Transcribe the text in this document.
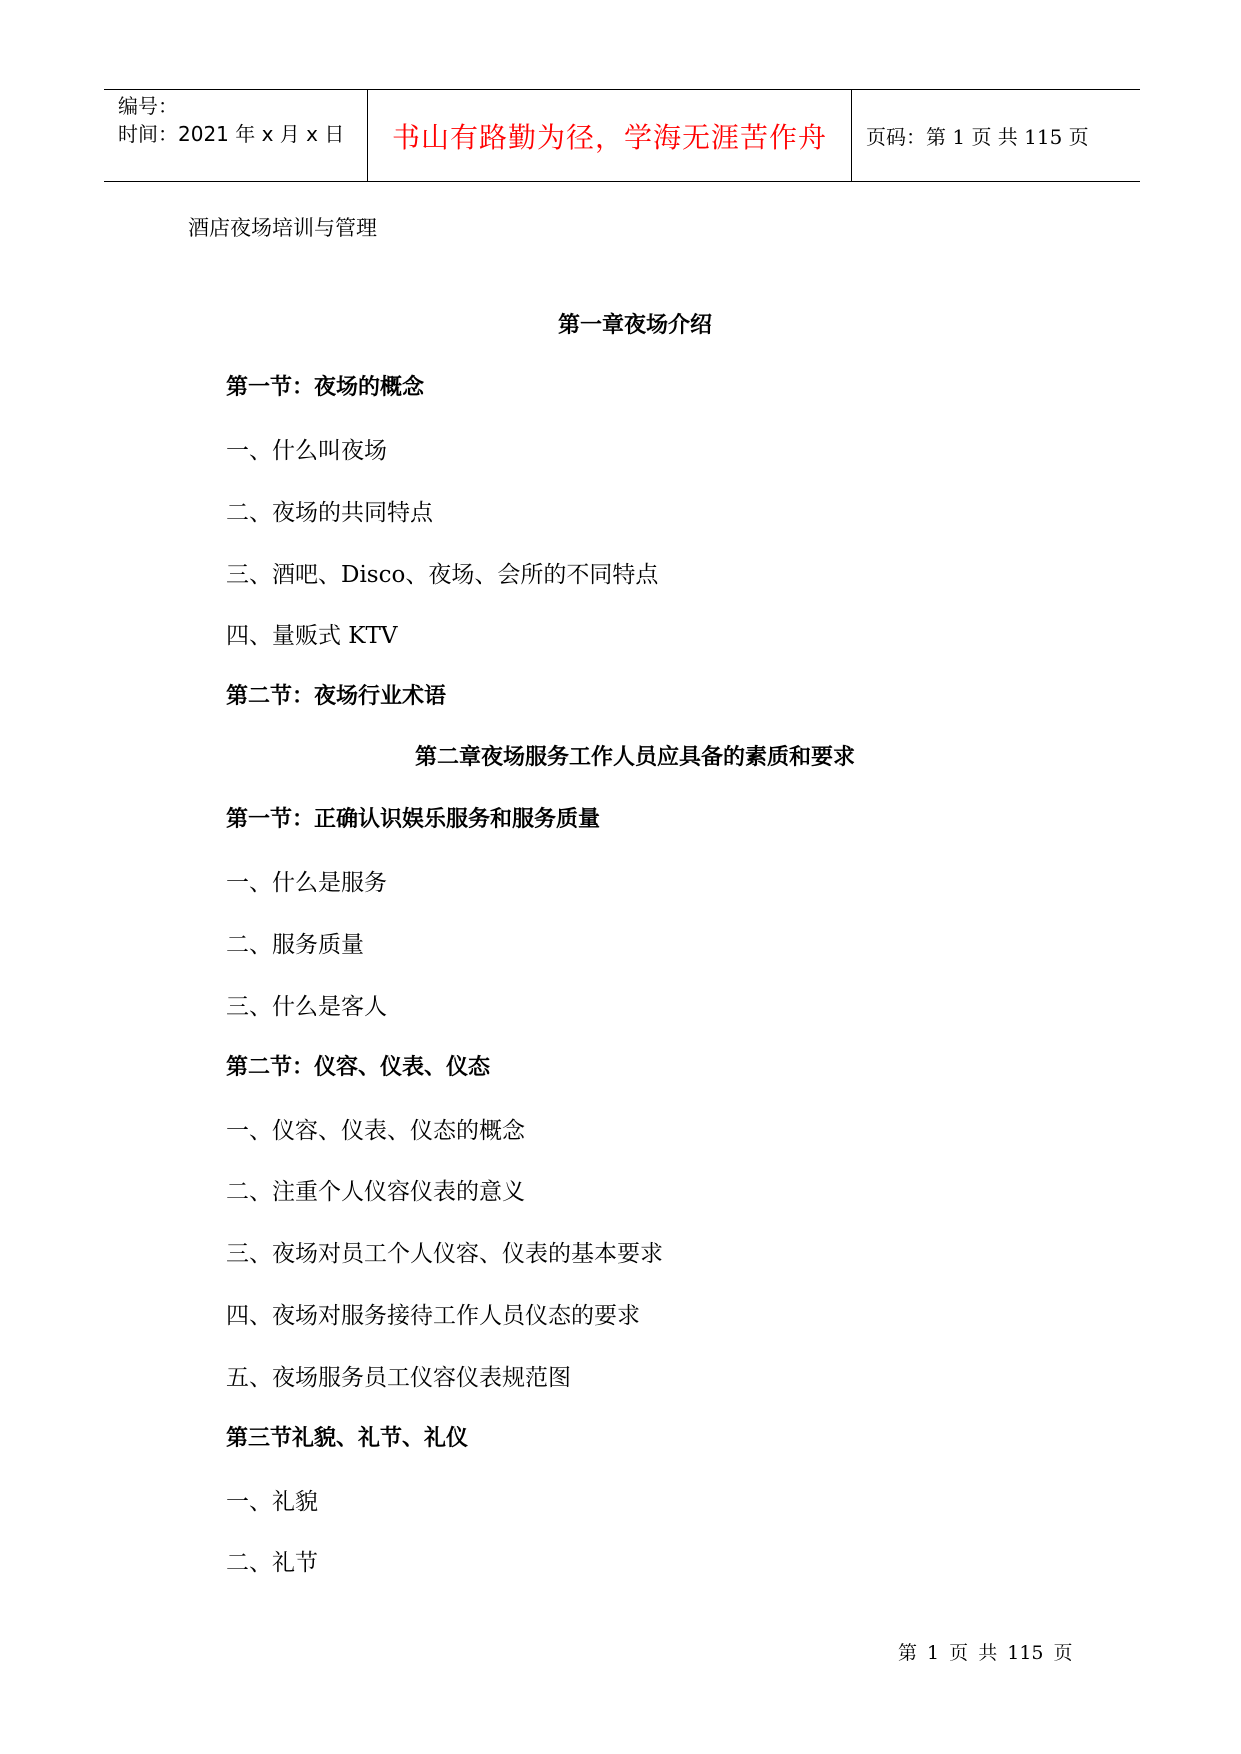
编号：
时间：2021 年 x 月 x 日	书山有路勤为径，学海无涯苦作舟 页码：第 1 页 共 115 页
酒店夜场培训与管理
第一章夜场介绍
第一节：夜场的概念
一、什么叫夜场
二、夜场的共同特点
三、酒吧、Disco、夜场、会所的不同特点
四、量贩式 KTV
第二节：夜场行业术语
第二章夜场服务工作人员应具备的素质和要求
第一节：正确认识娱乐服务和服务质量
一、什么是服务
二、服务质量
三、什么是客人
第二节：仪容、仪表、仪态
一、仪容、仪表、仪态的概念
二、注重个人仪容仪表的意义
三、夜场对员工个人仪容、仪表的基本要求
四、夜场对服务接待工作人员仪态的要求
五、夜场服务员工仪容仪表规范图
第三节礼貌、礼节、礼仪
一、礼貌
二、礼节
第 1 页 共 115 页
